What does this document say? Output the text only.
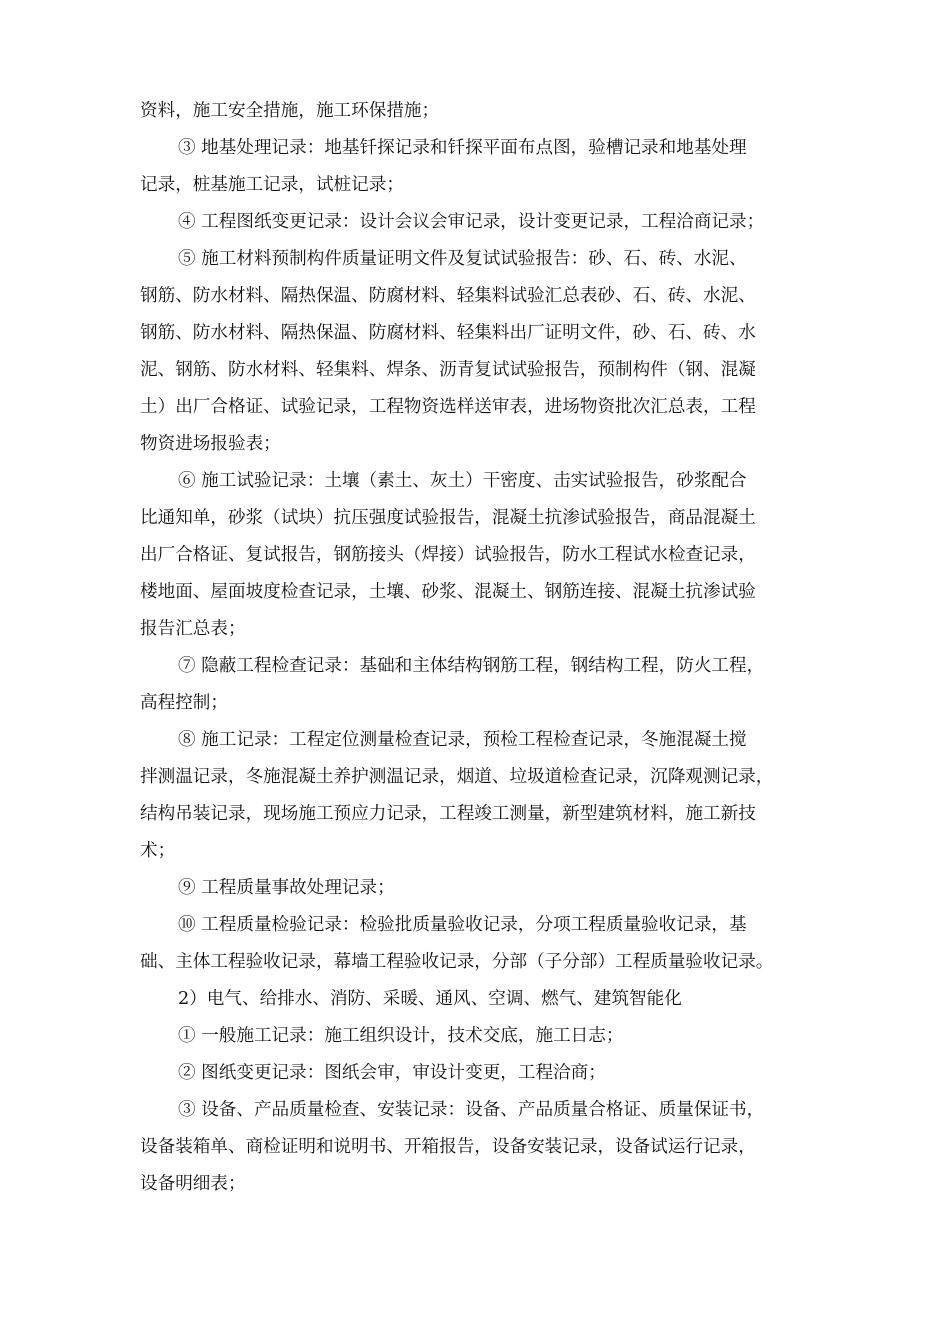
资料，施工安全措施，施工环保措施；
③ 地基处理记录：地基钎探记录和钎探平面布点图，验槽记录和地基处理
记录，桩基施工记录，试桩记录；
④ 工程图纸变更记录：设计会议会审记录，设计变更记录，工程洽商记录；
⑤ 施工材料预制构件质量证明文件及复试试验报告：砂、石、砖、水泥、
钢筋、防水材料、隔热保温、防腐材料、轻集料试验汇总表砂、石、砖、水泥、
钢筋、防水材料、隔热保温、防腐材料、轻集料出厂证明文件，砂、石、砖、水
泥、钢筋、防水材料、轻集料、焊条、沥青复试试验报告，预制构件（钢、混凝
土）出厂合格证、试验记录，工程物资选样送审表，进场物资批次汇总表，工程
物资进场报验表；
⑥ 施工试验记录：土壤（素土、灰土）干密度、击实试验报告，砂浆配合
比通知单，砂浆（试块）抗压强度试验报告，混凝土抗渗试验报告，商品混凝土
出厂合格证、复试报告，钢筋接头（焊接）试验报告，防水工程试水检查记录，
楼地面、屋面坡度检查记录，土壤、砂浆、混凝土、钢筋连接、混凝土抗渗试验
报告汇总表；
⑦ 隐蔽工程检查记录：基础和主体结构钢筋工程，钢结构工程，防火工程，
高程控制；
⑧ 施工记录：工程定位测量检查记录，预检工程检查记录，冬施混凝土搅
拌测温记录，冬施混凝土养护测温记录，烟道、垃圾道检查记录，沉降观测记录，
结构吊装记录，现场施工预应力记录，工程竣工测量，新型建筑材料，施工新技
术；
⑨ 工程质量事故处理记录；
⑩ 工程质量检验记录：检验批质量验收记录，分项工程质量验收记录，基
础、主体工程验收记录，幕墙工程验收记录，分部（子分部）工程质量验收记录。
2）电气、给排水、消防、采暖、通风、空调、燃气、建筑智能化
① 一般施工记录：施工组织设计，技术交底，施工日志；
② 图纸变更记录：图纸会审，审设计变更，工程洽商；
③ 设备、产品质量检查、安装记录：设备、产品质量合格证、质量保证书，
设备装箱单、商检证明和说明书、开箱报告，设备安装记录，设备试运行记录，
设备明细表；
